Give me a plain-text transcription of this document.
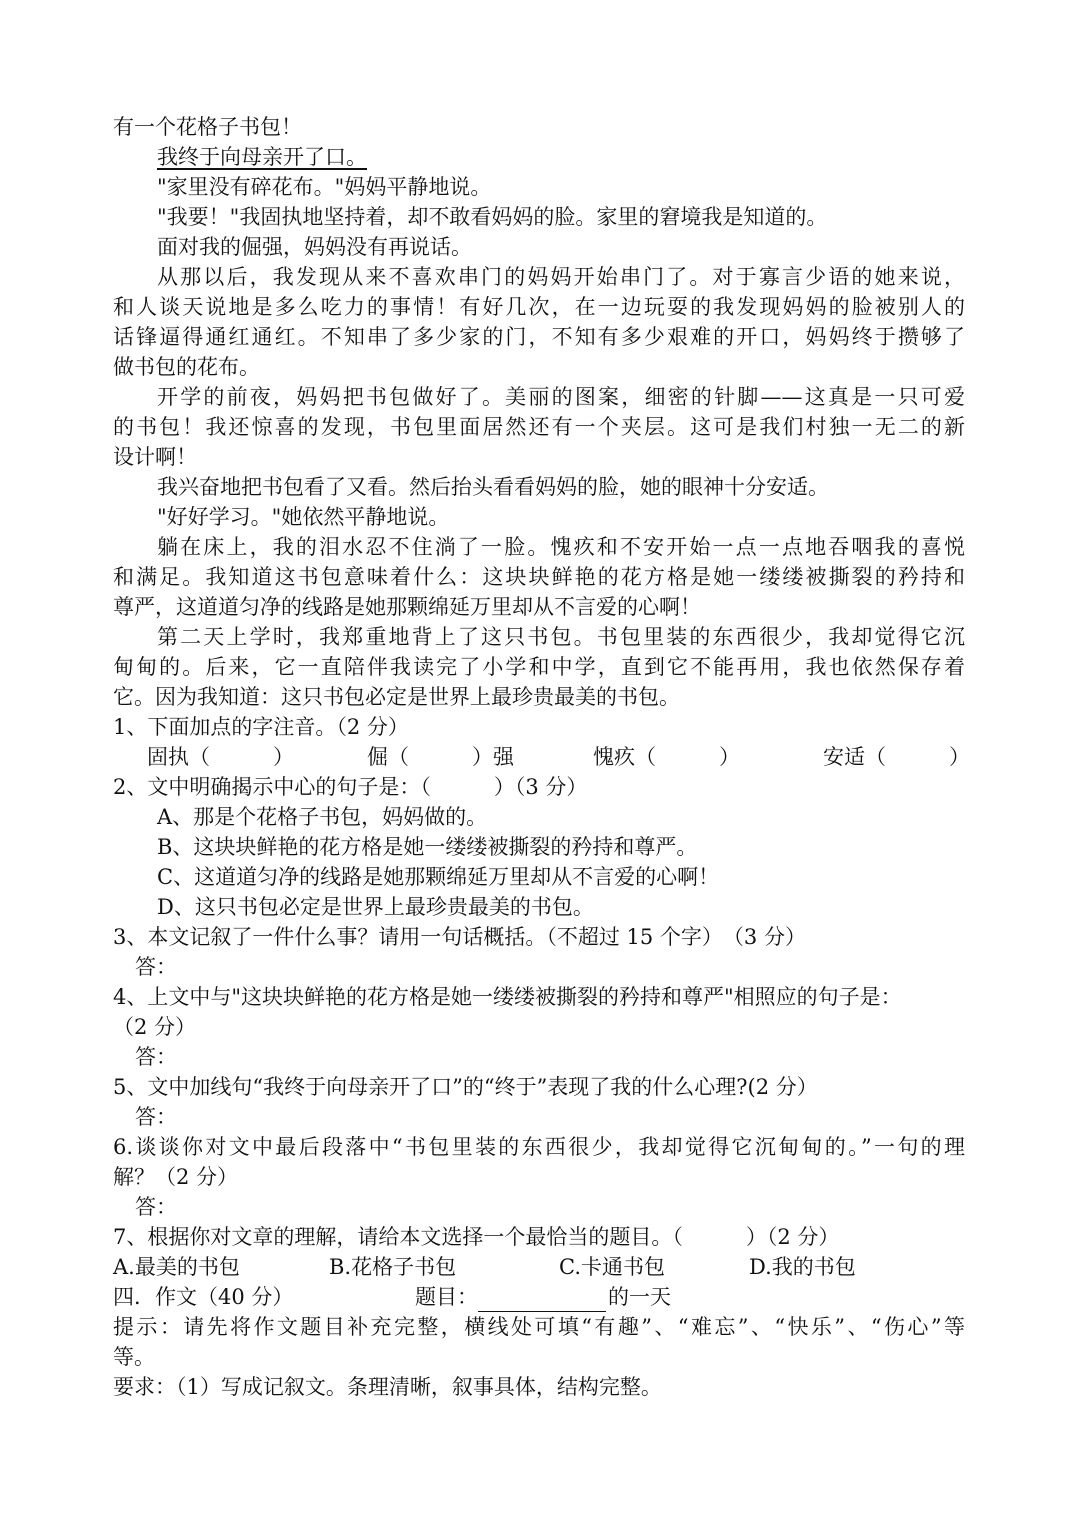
有一个花格子书包！
我终于向母亲开了口。
"家里没有碎花布。"妈妈平静地说。
"我要！"我固执地坚持着，却不敢看妈妈的脸。家里的窘境我是知道的。
面对我的倔强，妈妈没有再说话。
从那以后，我发现从来不喜欢串门的妈妈开始串门了。对于寡言少语的她来说，
和人谈天说地是多么吃力的事情！有好几次，在一边玩耍的我发现妈妈的脸被别人的
话锋逼得通红通红。不知串了多少家的门，不知有多少艰难的开口，妈妈终于攒够了
做书包的花布。
开学的前夜，妈妈把书包做好了。美丽的图案，细密的针脚——这真是一只可爱
的书包！我还惊喜的发现，书包里面居然还有一个夹层。这可是我们村独一无二的新
设计啊！
我兴奋地把书包看了又看。然后抬头看看妈妈的脸，她的眼神十分安适。
"好好学习。"她依然平静地说。
躺在床上，我的泪水忍不住淌了一脸。愧疚和不安开始一点一点地吞咽我的喜悦
和满足。我知道这书包意味着什么：这块块鲜艳的花方格是她一缕缕被撕裂的矜持和
尊严，这道道匀净的线路是她那颗绵延万里却从不言爱的心啊！
第二天上学时，我郑重地背上了这只书包。书包里装的东西很少，我却觉得它沉
甸甸的。后来，它一直陪伴我读完了小学和中学，直到它不能再用，我也依然保存着
它。因为我知道：这只书包必定是世界上最珍贵最美的书包。
1、下面加点的字注音。（2 分）
固执（　　　）	倔（　　　）强	愧疚（　　　）	安适（　　　）
2、文中明确揭示中心的句子是：（　　　）（3 分）
A、那是个花格子书包，妈妈做的。
B、这块块鲜艳的花方格是她一缕缕被撕裂的矜持和尊严。
C、这道道匀净的线路是她那颗绵延万里却从不言爱的心啊！
D、这只书包必定是世界上最珍贵最美的书包。
3、本文记叙了一件什么事？请用一句话概括。（不超过 15 个字）　（3 分）
答：
4、上文中与"这块块鲜艳的花方格是她一缕缕被撕裂的矜持和尊严"相照应的句子是：
（2 分）
答：
5、文中加线句“我终于向母亲开了口”的“终于”表现了我的什么心理?(2 分）
答：
6.谈谈你对文中最后段落中“书包里装的东西很少，我却觉得它沉甸甸的。”一句的理
解？（2 分）
答：
7、根据你对文章的理解，请给本文选择一个最恰当的题目。（　　　）（2 分）
A.最美的书包	B.花格子书包	C.卡通书包	D.我的书包
四．作文（40 分）	题目：	的一天
提示：请先将作文题目补充完整，横线处可填“有趣”、“难忘”、“快乐”、“伤心”等
等。
要求：（1）写成记叙文。条理清晰，叙事具体，结构完整。
